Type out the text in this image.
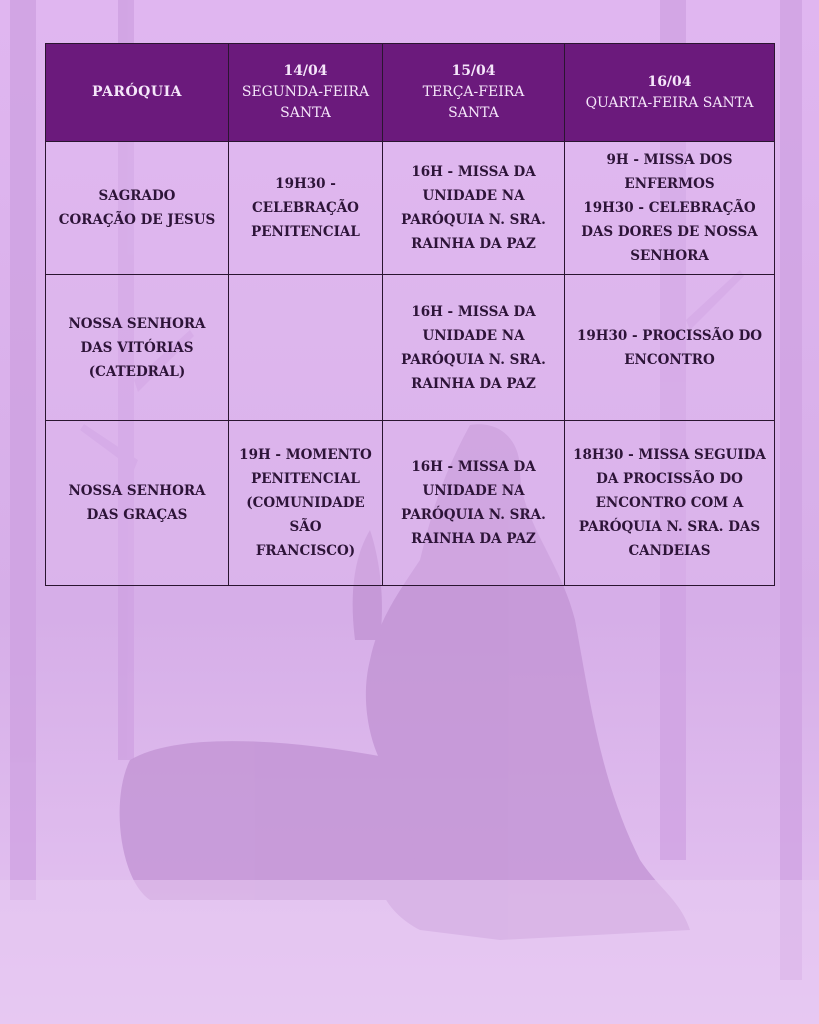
PARÓQUIA	14/04
SEGUNDA-FEIRA
SANTA	15/04
TERÇA-FEIRA
SANTA	16/04
QUARTA-FEIRA SANTA

SAGRADO
CORAÇÃO DE JESUS	19H30 -
CELEBRAÇÃO
PENITENCIAL	16H - MISSA DA
UNIDADE NA
PARÓQUIA N. SRA.
RAINHA DA PAZ	9H - MISSA DOS
ENFERMOS
19H30 - CELEBRAÇÃO
DAS DORES DE NOSSA
SENHORA

NOSSA SENHORA
DAS VITÓRIAS
(CATEDRAL)		16H - MISSA DA
UNIDADE NA
PARÓQUIA N. SRA.
RAINHA DA PAZ	19H30 - PROCISSÃO DO
ENCONTRO

NOSSA SENHORA
DAS GRAÇAS	19H - MOMENTO
PENITENCIAL
(COMUNIDADE
SÃO
FRANCISCO)	16H - MISSA DA
UNIDADE NA
PARÓQUIA N. SRA.
RAINHA DA PAZ	18H30 - MISSA SEGUIDA
DA PROCISSÃO DO
ENCONTRO COM A
PARÓQUIA N. SRA. DAS
CANDEIAS
